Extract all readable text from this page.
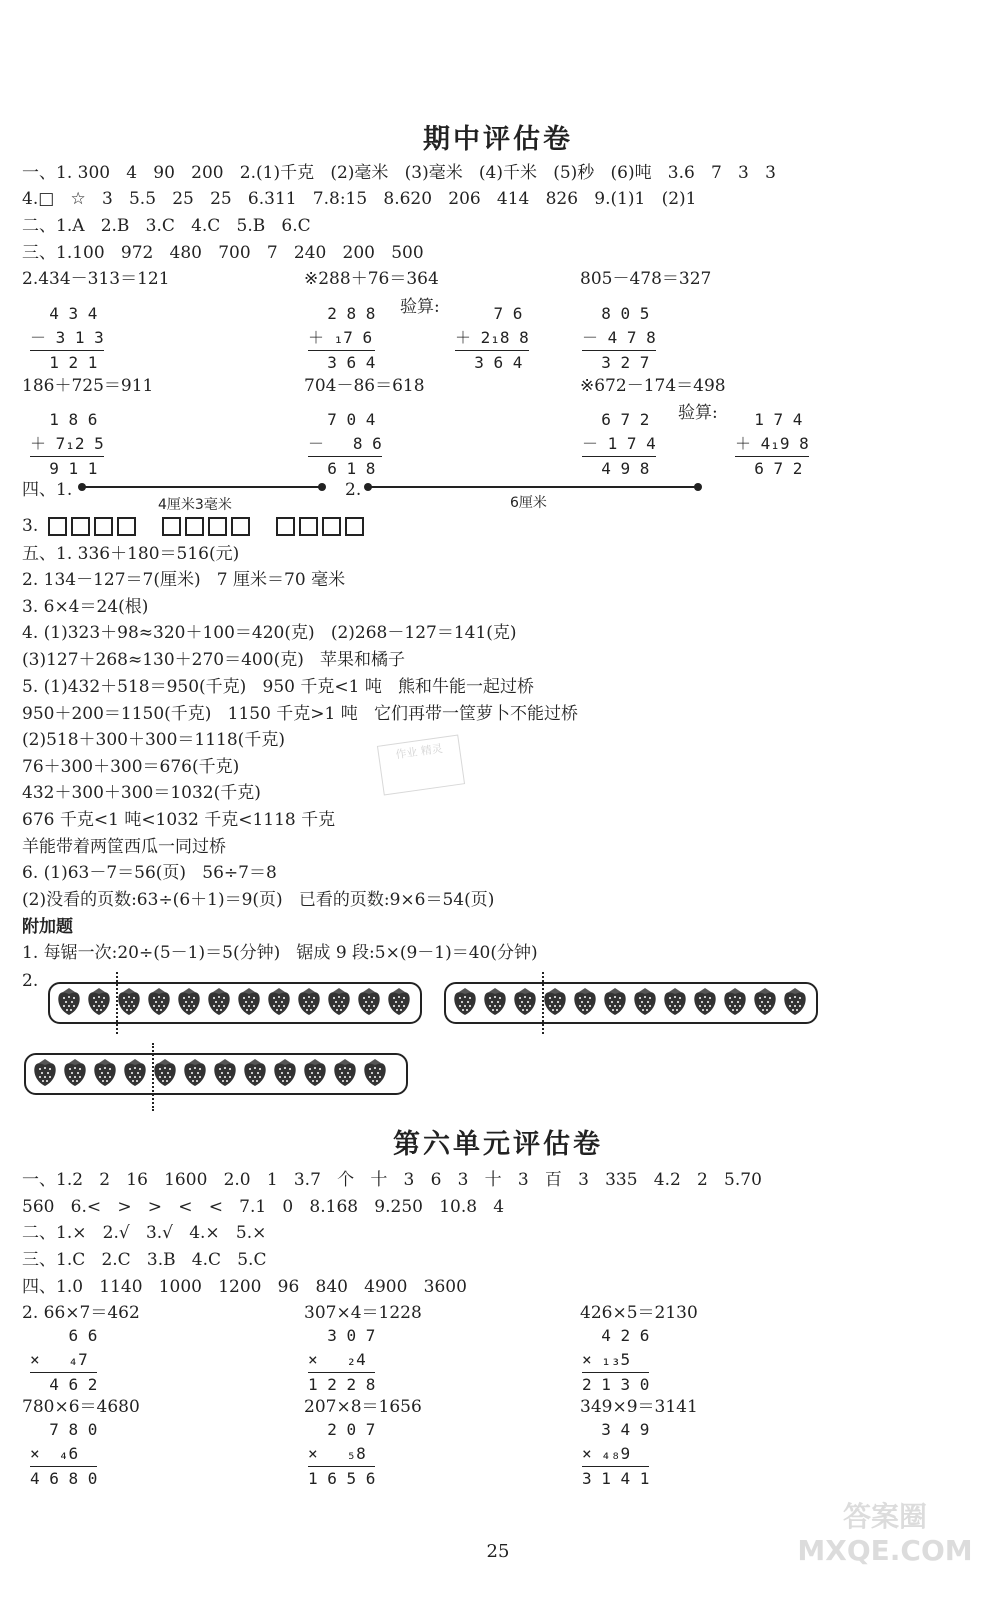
期中评估卷
一、1. 300   4   90   200   2.(1)千克   (2)毫米   (3)毫米   (4)千米   (5)秒   (6)吨   3.6   7   3   3
4.□   ☆   3   5.5   25   25   6.311   7.8:15   8.620   206   414   826   9.(1)1   (2)1
二、1.A   2.B   3.C   4.C   5.B   6.C
三、1.100   972   480   700   7   240   200   500
2.434－313＝121	※288＋76＝364	805－478＝327
4 3 4
－ 3 1 3
1 2 1
2 8 8
＋ ₁7 6
3 6 4
验算: 7 6
＋ 2₁8 8
3 6 4
8 0 5
－ 4 7 8
3 2 7
186＋725＝911	704－86＝618	※672－174＝498
1 8 6
＋ 7₁2 5
9 1 1
7 0 4
－   8 6
6 1 8
6 7 2
－ 1 7 4
4 9 8
验算: 1 7 4
＋ 4₁9 8
6 7 2
四、1.
4厘米3毫米
2.
6厘米
3.
五、1. 336＋180＝516(元)
2. 134－127＝7(厘米)   7 厘米＝70 毫米
3. 6×4＝24(根)
4. (1)323＋98≈320＋100＝420(克)   (2)268－127＝141(克)
(3)127＋268≈130＋270＝400(克)   苹果和橘子
5. (1)432＋518＝950(千克)   950 千克<1 吨   熊和牛能一起过桥
950＋200＝1150(千克)   1150 千克>1 吨   它们再带一筐萝卜不能过桥
(2)518＋300＋300＝1118(千克)
76＋300＋300＝676(千克)
432＋300＋300＝1032(千克)
676 千克<1 吨<1032 千克<1118 千克
羊能带着两筐西瓜一同过桥
6. (1)63－7＝56(页)   56÷7＝8
(2)没看的页数:63÷(6＋1)＝9(页)   已看的页数:9×6＝54(页)
附加题
1. 每锯一次:20÷(5－1)＝5(分钟)   锯成 9 段:5×(9－1)＝40(分钟)
2.
作业 精灵
第六单元评估卷
一、1.2   2   16   1600   2.0   1   3.7   个   十   3   6   3   十   3   百   3   335   4.2   2   5.70
560   6.<   >   >   <   <   7.1   0   8.168   9.250   10.8   4
二、1.×   2.√   3.√   4.×   5.×
三、1.C   2.C   3.B   4.C   5.C
四、1.0   1140   1000   1200   96   840   4900   3600
2. 66×7＝462	307×4＝1228	426×5＝2130
6 6
×   ₄7
4 6 2
3 0 7
×   ₂4
1 2 2 8
4 2 6
× ₁₃5
2 1 3 0
780×6＝4680	207×8＝1656	349×9＝3141
7 8 0
×  ₄6
4 6 8 0
2 0 7
×   ₅8
1 6 5 6
3 4 9
× ₄₈9
3 1 4 1
答案圈 MXQE.COM
25
